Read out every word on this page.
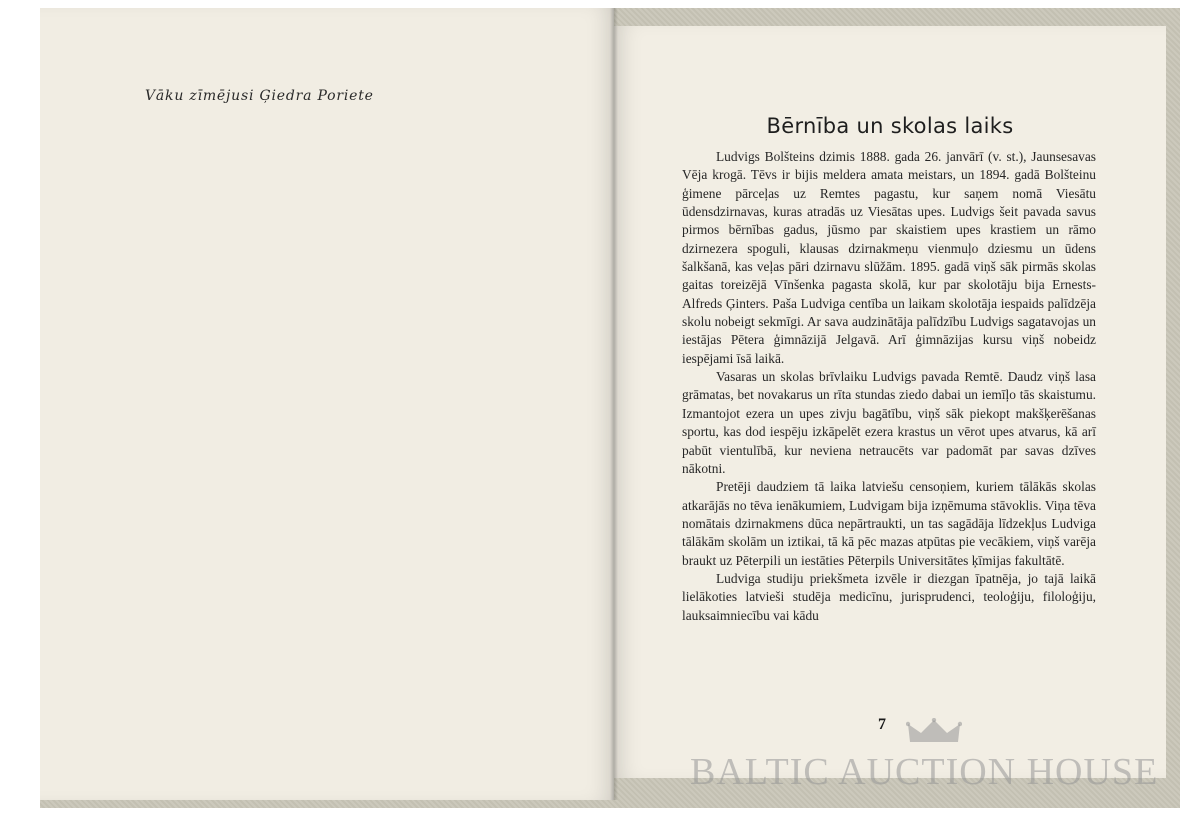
Vāku zīmējusi Ģiedra Poriete
Bērnība un skolas laiks

Ludvigs Bolšteins dzimis 1888. gada 26. janvārī (v. st.), Jaunsesavas Vēja krogā. Tēvs ir bijis meldera amata meistars, un 1894. gadā Bolšteinu ģimene pārceļas uz Remtes pagastu, kur saņem nomā Viesātu ūdensdzirnavas, kuras atradās uz Viesātas upes. Ludvigs šeit pavada savus pirmos bērnības gadus, jūsmo par skaistiem upes krastiem un rāmo dzirnezera spoguli, klausas dzirnakmeņu vienmuļo dziesmu un ūdens šalkšanā, kas veļas pāri dzirnavu slūžām. 1895. gadā viņš sāk pirmās skolas gaitas toreizējā Vīnšenka pagasta skolā, kur par skolotāju bija Ernests-Alfreds Ģinters. Paša Ludviga centība un laikam skolotāja iespaids palīdzēja skolu nobeigt sekmīgi. Ar sava audzinātāja palīdzību Ludvigs sagatavojas un iestājas Pētera ģimnāzijā Jelgavā. Arī ģimnāzijas kursu viņš nobeidz iespējami īsā laikā.

Vasaras un skolas brīvlaiku Ludvigs pavada Remtē. Daudz viņš lasa grāmatas, bet novakarus un rīta stundas ziedo dabai un iemīļo tās skaistumu. Izmantojot ezera un upes zivju bagātību, viņš sāk piekopt makšķerēšanas sportu, kas dod iespēju izkāpelēt ezera krastus un vērot upes atvarus, kā arī pabūt vientulībā, kur neviena netraucēts var padomāt par savas dzīves nākotni.

Pretēji daudziem tā laika latviešu censoņiem, kuriem tālākās skolas atkarājās no tēva ienākumiem, Ludvigam bija izņēmuma stāvoklis. Viņa tēva nomātais dzirnakmens dūca nepārtraukti, un tas sagādāja līdzekļus Ludviga tālākām skolām un iztikai, tā kā pēc mazas atpūtas pie vecākiem, viņš varēja braukt uz Pēterpili un iestāties Pēterpils Universitātes ķīmijas fakultātē.

Ludviga studiju priekšmeta izvēle ir diezgan īpatnēja, jo tajā laikā lielākoties latvieši studēja medicīnu, jurisprudenci, teoloģiju, filoloģiju, lauksaimniecību vai kādu

7
BALTIC AUCTION HOUSE
